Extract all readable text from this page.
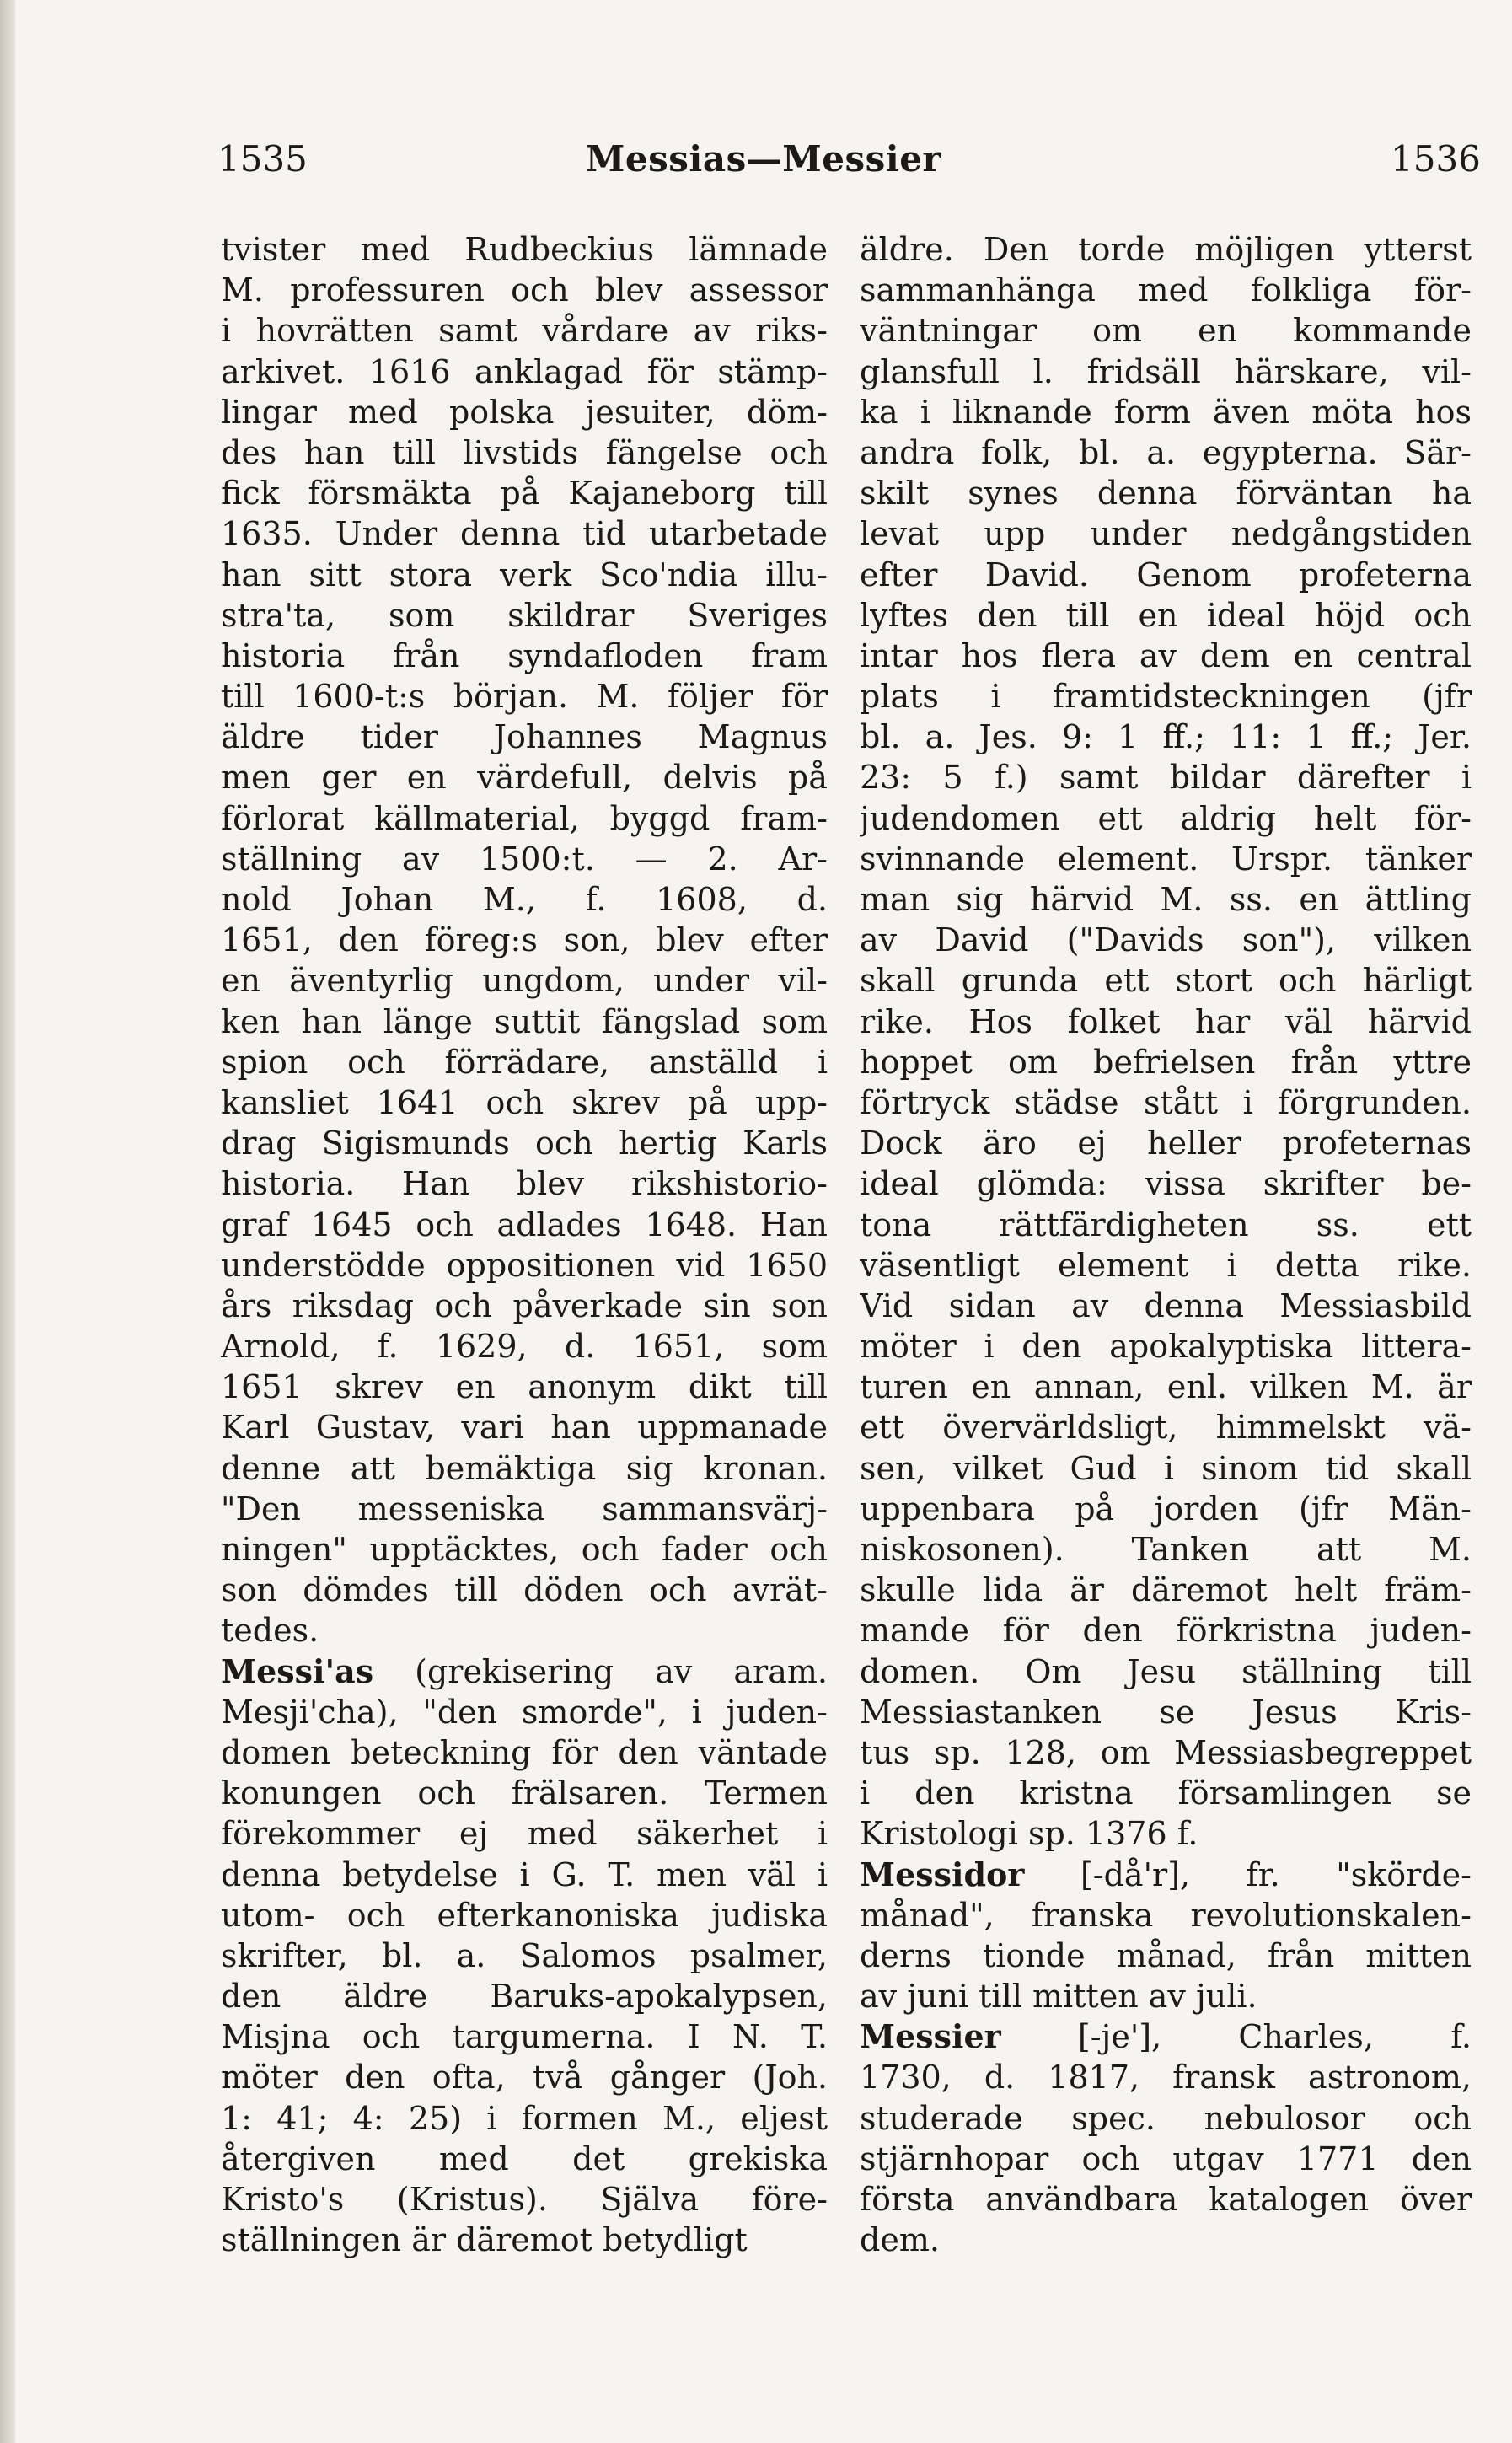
1535	Messias—Messier	1536
tvister med Rudbeckius lämnade
M. professuren och blev assessor
i hovrätten samt vårdare av riks-
arkivet. 1616 anklagad för stämp-
lingar med polska jesuiter, döm-
des han till livstids fängelse och
fick försmäkta på Kajaneborg till
1635. Under denna tid utarbetade
han sitt stora verk Sco'ndia illu-
stra'ta, som skildrar Sveriges
historia från syndafloden fram
till 1600-t:s början. M. följer för
äldre tider Johannes Magnus
men ger en värdefull, delvis på
förlorat källmaterial, byggd fram-
ställning av 1500:t. — 2. Ar-
nold Johan M., f. 1608, d.
1651, den föreg:s son, blev efter
en äventyrlig ungdom, under vil-
ken han länge suttit fängslad som
spion och förrädare, anställd i
kansliet 1641 och skrev på upp-
drag Sigismunds och hertig Karls
historia. Han blev rikshistorio-
graf 1645 och adlades 1648. Han
understödde oppositionen vid 1650
års riksdag och påverkade sin son
Arnold, f. 1629, d. 1651, som
1651 skrev en anonym dikt till
Karl Gustav, vari han uppmanade
denne att bemäktiga sig kronan.
"Den messeniska sammansvärj-
ningen" upptäcktes, och fader och
son dömdes till döden och avrät-
tedes.
Messi'as (grekisering av aram.
Mesji'cha), "den smorde", i juden-
domen beteckning för den väntade
konungen och frälsaren. Termen
förekommer ej med säkerhet i
denna betydelse i G. T. men väl i
utom- och efterkanoniska judiska
skrifter, bl. a. Salomos psalmer,
den äldre Baruks-apokalypsen,
Misjna och targumerna. I N. T.
möter den ofta, två gånger (Joh.
1: 41; 4: 25) i formen M., eljest
återgiven med det grekiska
Kristo's (Kristus). Själva före-
ställningen är däremot betydligt
äldre. Den torde möjligen ytterst
sammanhänga med folkliga för-
väntningar om en kommande
glansfull l. fridsäll härskare, vil-
ka i liknande form även möta hos
andra folk, bl. a. egypterna. Sär-
skilt synes denna förväntan ha
levat upp under nedgångstiden
efter David. Genom profeterna
lyftes den till en ideal höjd och
intar hos flera av dem en central
plats i framtidsteckningen (jfr
bl. a. Jes. 9: 1 ff.; 11: 1 ff.; Jer.
23: 5 f.) samt bildar därefter i
judendomen ett aldrig helt för-
svinnande element. Urspr. tänker
man sig härvid M. ss. en ättling
av David ("Davids son"), vilken
skall grunda ett stort och härligt
rike. Hos folket har väl härvid
hoppet om befrielsen från yttre
förtryck städse stått i förgrunden.
Dock äro ej heller profeternas
ideal glömda: vissa skrifter be-
tona rättfärdigheten ss. ett
väsentligt element i detta rike.
Vid sidan av denna Messiasbild
möter i den apokalyptiska littera-
turen en annan, enl. vilken M. är
ett övervärldsligt, himmelskt vä-
sen, vilket Gud i sinom tid skall
uppenbara på jorden (jfr Män-
niskosonen). Tanken att M.
skulle lida är däremot helt främ-
mande för den förkristna juden-
domen. Om Jesu ställning till
Messiastanken se Jesus Kris-
tus sp. 128, om Messiasbegreppet
i den kristna församlingen se
Kristologi sp. 1376 f.
Messidor [-då'r], fr. "skörde-
månad", franska revolutionskalen-
derns tionde månad, från mitten
av juni till mitten av juli.
Messier [-je'], Charles, f.
1730, d. 1817, fransk astronom,
studerade spec. nebulosor och
stjärnhopar och utgav 1771 den
första användbara katalogen över
dem.
